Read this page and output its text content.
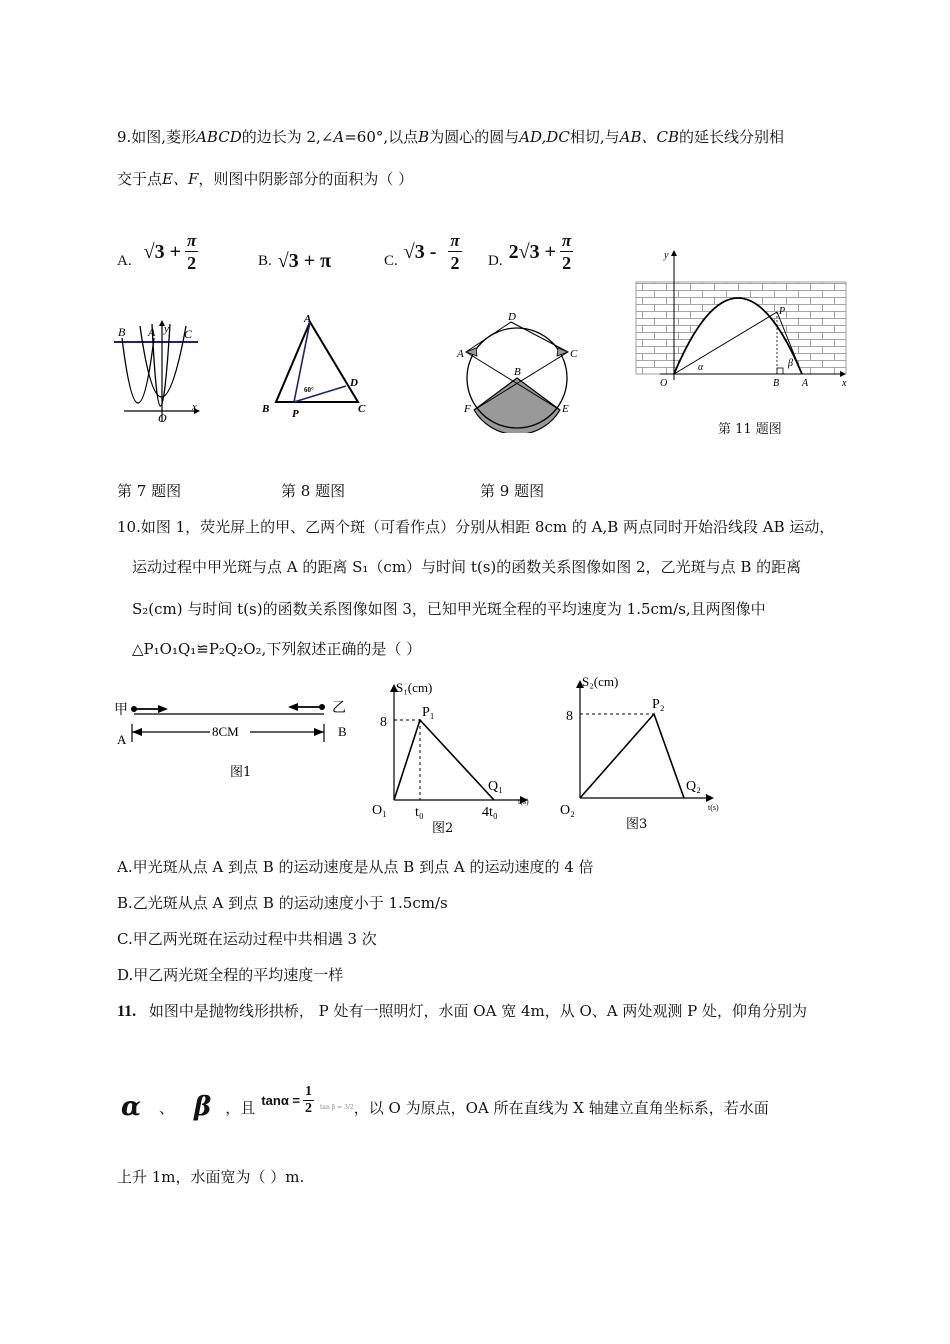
9.如图,菱形ABCD的边长为 2,∠A=60°,以点B为圆心的圆与AD,DC相切,与AB、CB的延长线分别相
交于点E、F，则图中阴影部分的面积为（ ）
A. $√3 + \frac{\pi}{2}$	B. √3 + π	C. $√3 - \frac{\pi}{2} D$. $2√3 + \frac{\pi}{2}$
B A y C
O
x
A
B P	C
D
60°
D
A	C
B
F	E
y
P
O	B A	x
α	β
第 11 题图
第 7 题图	第 8 题图	第 9 题图
10.如图 1，荧光屏上的甲、乙两个斑（可看作点）分别从相距 8cm 的 A,B 两点同时开始沿线段 AB 运动，
运动过程中甲光斑与点 A 的距离 S₁（cm）与时间 t(s)的函数关系图像如图 2，乙光斑与点 B 的距离
S₂(cm) 与时间 t(s)的函数关系图像如图 3，已知甲光斑全程的平均速度为 1.5cm/s,且两图像中
△P₁O₁Q₁≌P₂Q₂O₂,下列叙述正确的是（ ）
8CM
甲	乙
A
B
图1
S₁(cm)
8
P₁
Q₁
O₁ t₀	4t₀
t(s)
图2
S₂(cm)
8
P₂
Q₂
O₂	t(s)
图3
A.甲光斑从点 A 到点 B 的运动速度是从点 B 到点 A 的运动速度的 4 倍
B.乙光斑从点 A 到点 B 的运动速度小于 1.5cm/s
C.甲乙两光斑在运动过程中共相遇 3 次
D.甲乙两光斑全程的平均速度一样
11. 如图中是抛物线形拱桥， P 处有一照明灯，水面 OA 宽 4m，从 O、A 两处观测 P 处，仰角分别为
α 、 β ，且 $\tan\alpha = \frac{1}{2}$ tan β = 3/2 ，以 O 为原点，OA 所在直线为 X 轴建立直角坐标系，若水面
上升 1m，水面宽为（ ）m.
